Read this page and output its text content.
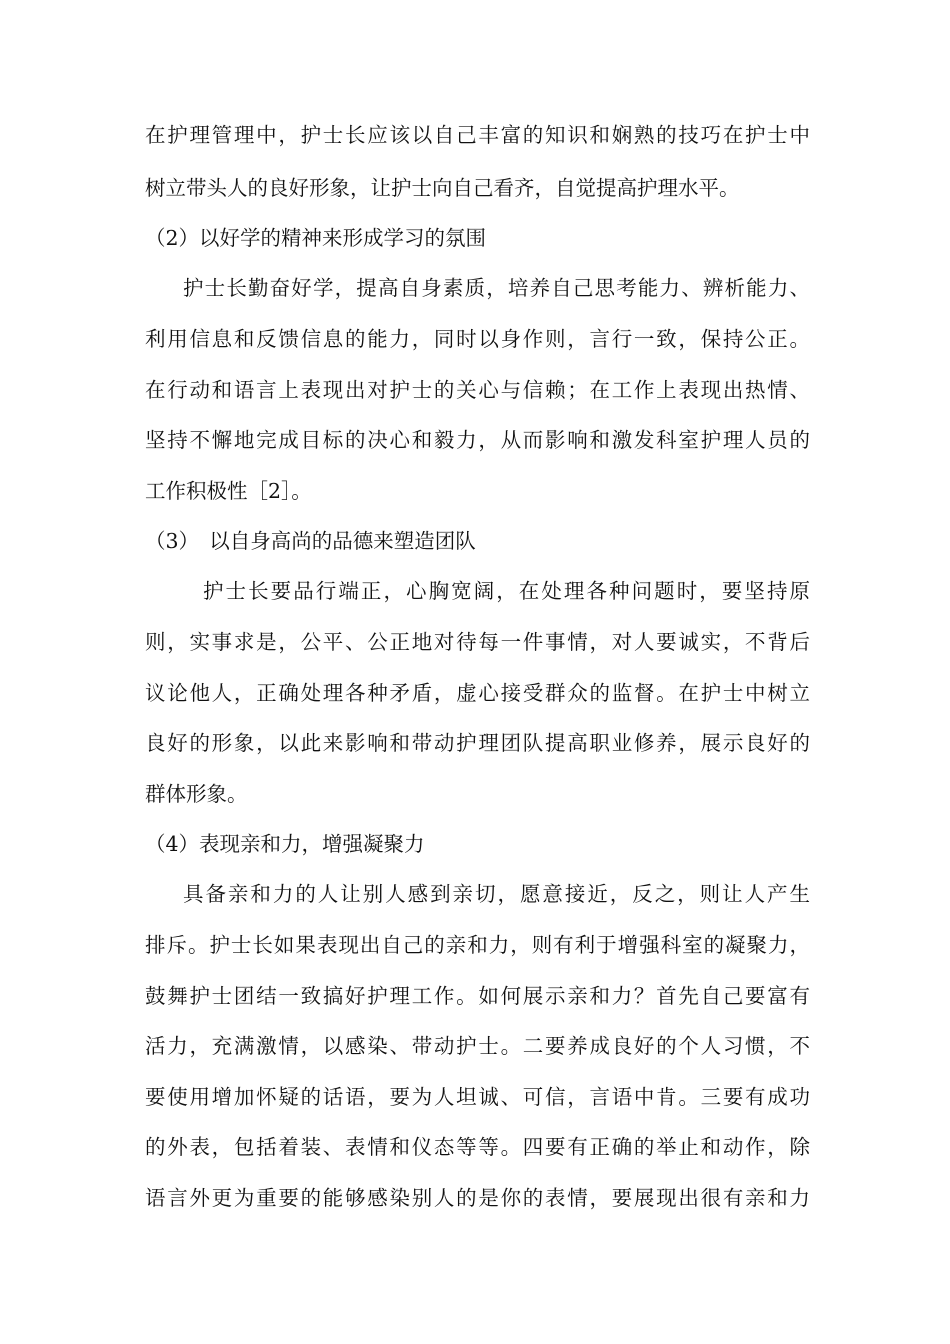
在护理管理中，护士长应该以自己丰富的知识和娴熟的技巧在护士中
树立带头人的良好形象，让护士向自己看齐，自觉提高护理水平。
（2）以好学的精神来形成学习的氛围
护士长勤奋好学，提高自身素质，培养自己思考能力、辨析能力、
利用信息和反馈信息的能力，同时以身作则，言行一致，保持公正。
在行动和语言上表现出对护士的关心与信赖；在工作上表现出热情、
坚持不懈地完成目标的决心和毅力，从而影响和激发科室护理人员的
工作积极性［2］。
（3）　以自身高尚的品德来塑造团队
护士长要品行端正，心胸宽阔，在处理各种问题时，要坚持原
则，实事求是，公平、公正地对待每一件事情，对人要诚实，不背后
议论他人，正确处理各种矛盾，虚心接受群众的监督。在护士中树立
良好的形象，以此来影响和带动护理团队提高职业修养，展示良好的
群体形象。
（4）表现亲和力，增强凝聚力
具备亲和力的人让别人感到亲切，愿意接近，反之，则让人产生
排斥。护士长如果表现出自己的亲和力，则有利于增强科室的凝聚力，
鼓舞护士团结一致搞好护理工作。如何展示亲和力？首先自己要富有
活力，充满激情，以感染、带动护士。二要养成良好的个人习惯，不
要使用增加怀疑的话语，要为人坦诚、可信，言语中肯。三要有成功
的外表，包括着装、表情和仪态等等。四要有正确的举止和动作，除
语言外更为重要的能够感染别人的是你的表情，要展现出很有亲和力
